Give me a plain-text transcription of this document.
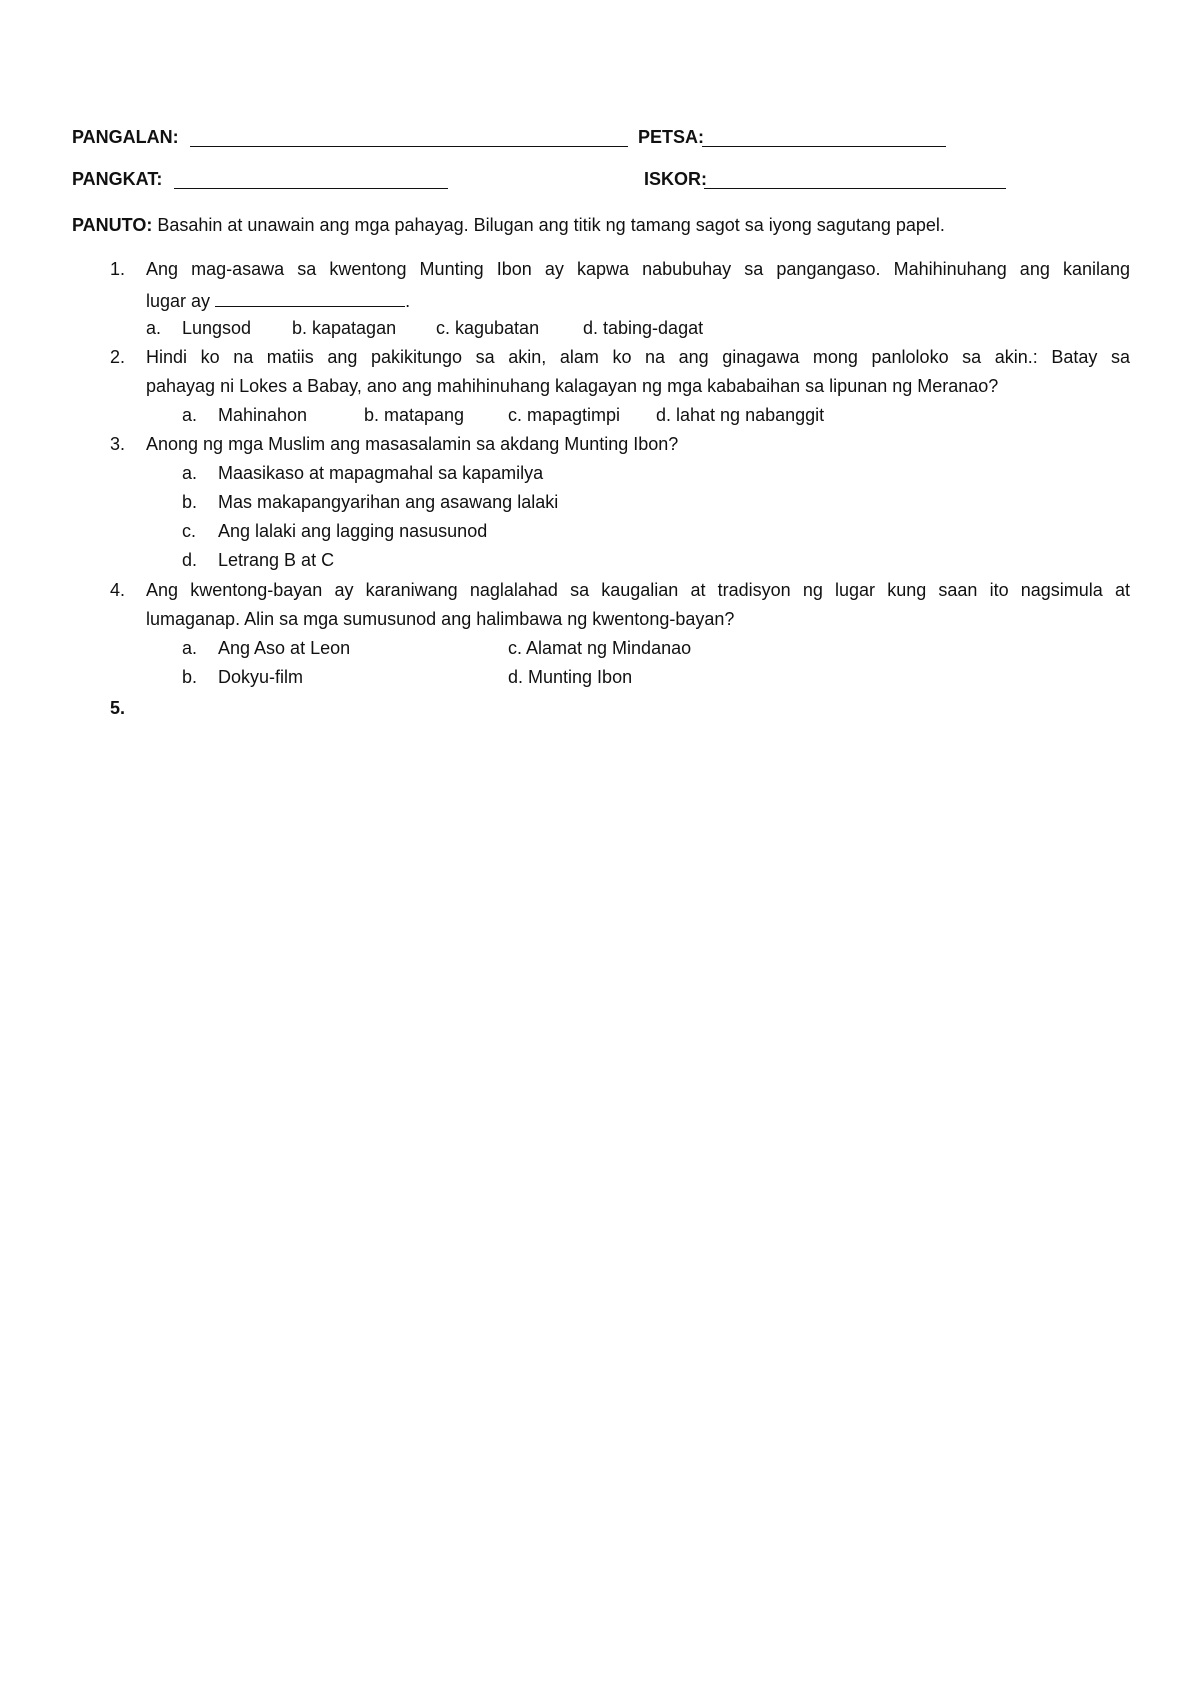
PANGALAN:	PETSA:
PANGKAT:	ISKOR:
PANUTO: Basahin at unawain ang mga pahayag. Bilugan ang titik ng tamang sagot sa iyong sagutang papel.
1. Ang mag-asawa sa kwentong Munting Ibon ay kapwa nabubuhay sa pangangaso. Mahihinuhang ang kanilang
lugar ay	.
a. Lungsod b. kapatagan c. kagubatan d. tabing-dagat
2. Hindi ko na matiis ang pakikitungo sa akin, alam ko na ang ginagawa mong panloloko sa akin.: Batay sa
pahayag ni Lokes a Babay, ano ang mahihinuhang kalagayan ng mga kababaihan sa lipunan ng Meranao?
a. Mahinahon	b. matapang c. mapagtimpi d. lahat ng nabanggit
3. Anong ng mga Muslim ang masasalamin sa akdang Munting Ibon?
a. Maasikaso at mapagmahal sa kapamilya
b. Mas makapangyarihan ang asawang lalaki
c. Ang lalaki ang lagging nasusunod
d. Letrang B at C
4. Ang kwentong-bayan ay karaniwang naglalahad sa kaugalian at tradisyon ng lugar kung saan ito nagsimula at
lumaganap. Alin sa mga sumusunod ang halimbawa ng kwentong-bayan?
a. Ang Aso at Leon	c. Alamat ng Mindanao
b. Dokyu-film	d. Munting Ibon
5.
